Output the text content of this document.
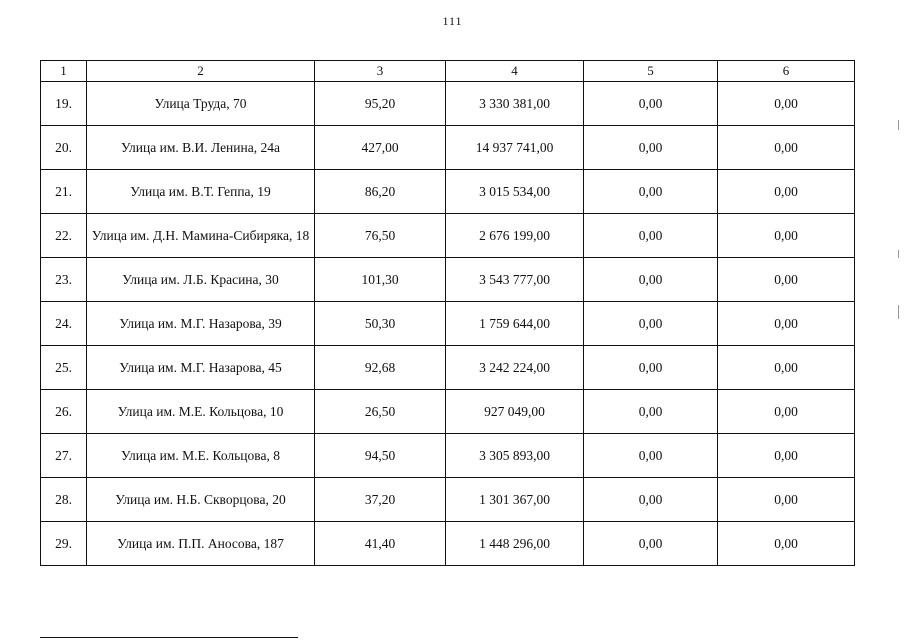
111
1	2	3	4	5	6
19.	Улица Труда, 70	95,20	3 330 381,00	0,00	0,00
20.	Улица им. В.И. Ленина, 24а	427,00	14 937 741,00	0,00	0,00
21.	Улица им. В.Т. Геппа, 19	86,20	3 015 534,00	0,00	0,00
22.	Улица им. Д.Н. Мамина-Сибиряка, 18	76,50	2 676 199,00	0,00	0,00
23.	Улица им. Л.Б. Красина, 30	101,30	3 543 777,00	0,00	0,00
24.	Улица им. М.Г. Назарова, 39	50,30	1 759 644,00	0,00	0,00
25.	Улица им. М.Г. Назарова, 45	92,68	3 242 224,00	0,00	0,00
26.	Улица им. М.Е. Кольцова, 10	26,50	927 049,00	0,00	0,00
27.	Улица им. М.Е. Кольцова, 8	94,50	3 305 893,00	0,00	0,00
28.	Улица им. Н.Б. Скворцова, 20	37,20	1 301 367,00	0,00	0,00
29.	Улица им. П.П. Аносова, 187	41,40	1 448 296,00	0,00	0,00
